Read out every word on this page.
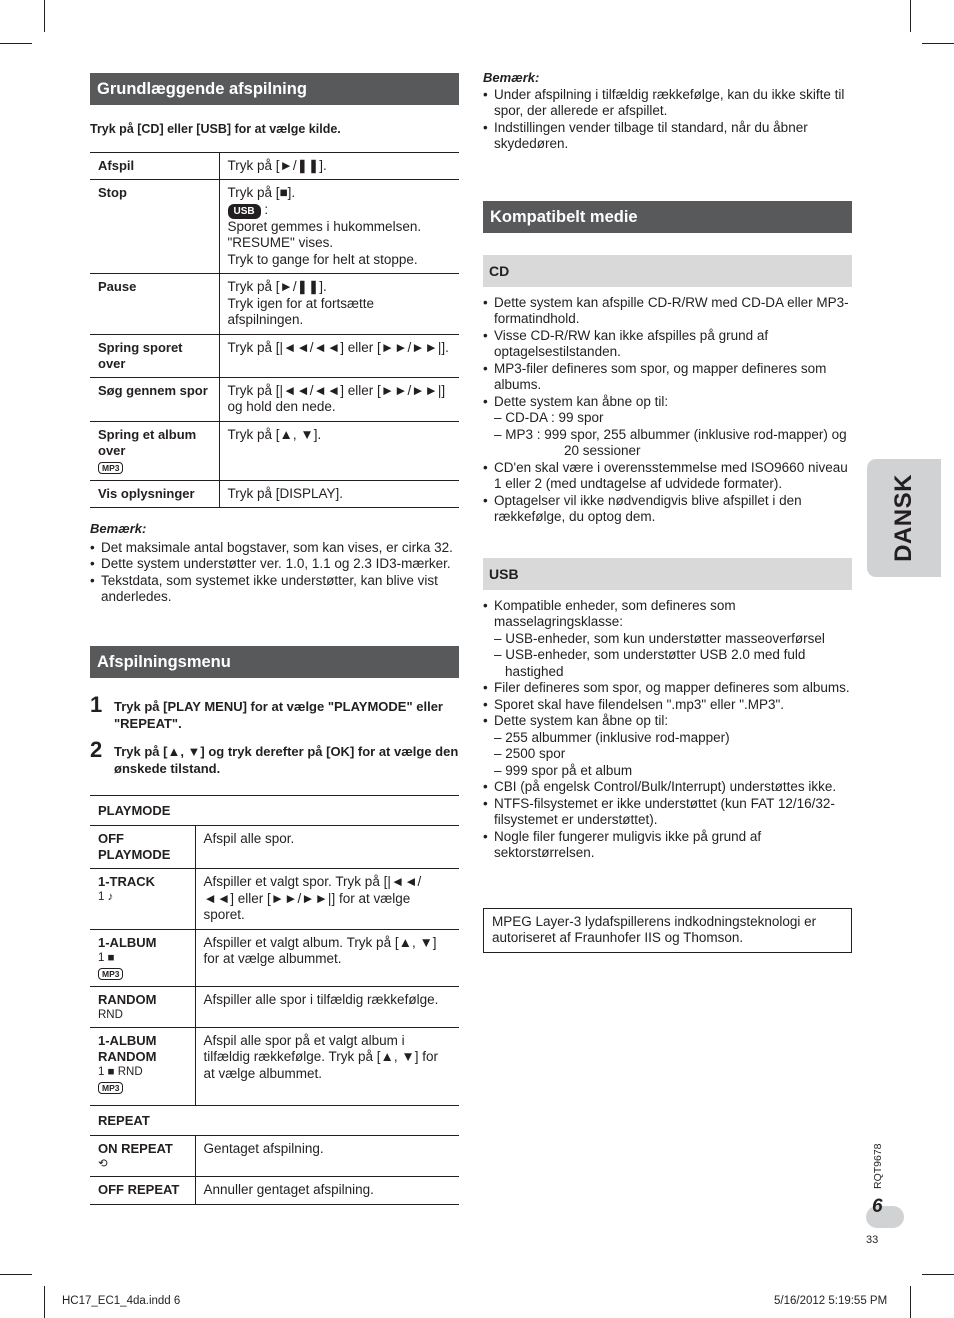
Grundlæggende afspilning
Tryk på [CD] eller [USB] for at vælge kilde.
Afspil	Tryk på [►/❚❚].
Stop	Tryk på [■].
USB :
Sporet gemmes i hukommelsen.
"RESUME" vises.
Tryk to gange for helt at stoppe.

Pause	Tryk på [►/❚❚].
Tryk igen for at fortsætte afspilningen.

Spring sporet over	Tryk på [|◄◄/◄◄] eller [►►/►►|].
Søg gennem spor	Tryk på [|◄◄/◄◄] eller [►►/►►|] og hold den nede.

Spring et album over
MP3	Tryk på [▲, ▼].
Vis oplysninger	Tryk på [DISPLAY].
Bemærk:
• Det maksimale antal bogstaver, som kan vises, er cirka 32.
• Dette system understøtter ver. 1.0, 1.1 og 2.3 ID3-mærker.
• Tekstdata, som systemet ikke understøtter, kan blive vist anderledes.
Afspilningsmenu
1 Tryk på [PLAY MENU] for at vælge "PLAYMODE" eller "REPEAT".
2 Tryk på [▲, ▼] og tryk derefter på [OK] for at vælge den ønskede tilstand.
PLAYMODE	
OFF PLAYMODE	Afspil alle spor.

1-TRACK
1 ♪	Afspiller et valgt spor. Tryk på [|◄◄/◄◄] eller [►►/►►|] for at vælge sporet.

1-ALBUM
1 ■
MP3	Afspiller et valgt album. Tryk på [▲, ▼] for at vælge albummet.

RANDOM
RND	Afspiller alle spor i tilfældig rækkefølge.

1-ALBUM RANDOM
1 ■ RND
MP3	Afspil alle spor på et valgt album i tilfældig rækkefølge. Tryk på [▲, ▼] for at vælge albummet.
REPEAT	

ON REPEAT
⟲	Gentaget afspilning.
OFF REPEAT	Annuller gentaget afspilning.
Bemærk:
• Under afspilning i tilfældig rækkefølge, kan du ikke skifte til spor, der allerede er afspillet.
• Indstillingen vender tilbage til standard, når du åbner skydedøren.
Kompatibelt medie
CD
• Dette system kan afspille CD-R/RW med CD-DA eller MP3-formatindhold.
• Visse CD-R/RW kan ikke afspilles på grund af optagelsestilstanden.
• MP3-filer defineres som spor, og mapper defineres som albums.
• Dette system kan åbne op til:
– CD-DA : 99 spor
– MP3 : 999 spor, 255 albummer (inklusive rod-mapper) og 20 sessioner
• CD'en skal være i overensstemmelse med ISO9660 niveau 1 eller 2 (med undtagelse af udvidede formater).
• Optagelser vil ikke nødvendigvis blive afspillet i den rækkefølge, du optog dem.
USB
• Kompatible enheder, som defineres som masselagringsklasse:
– USB-enheder, som kun understøtter masseoverførsel
– USB-enheder, som understøtter USB 2.0 med fuld hastighed
• Filer defineres som spor, og mapper defineres som albums.
• Sporet skal have filendelsen ".mp3" eller ".MP3".
• Dette system kan åbne op til:
– 255 albummer (inklusive rod-mapper)
– 2500 spor
– 999 spor på et album
• CBI (på engelsk Control/Bulk/Interrupt) understøttes ikke.
• NTFS-filsystemet er ikke understøttet (kun FAT 12/16/32-filsystemet er understøttet).
• Nogle filer fungerer muligvis ikke på grund af sektorstørrelsen.
MPEG Layer-3 lydafspillerens indkodningsteknologi er autoriseret af Fraunhofer IIS og Thomson.
DANSK
RQT9678
6
33
HC17_EC1_4da.indd 6	5/16/2012 5:19:55 PM
